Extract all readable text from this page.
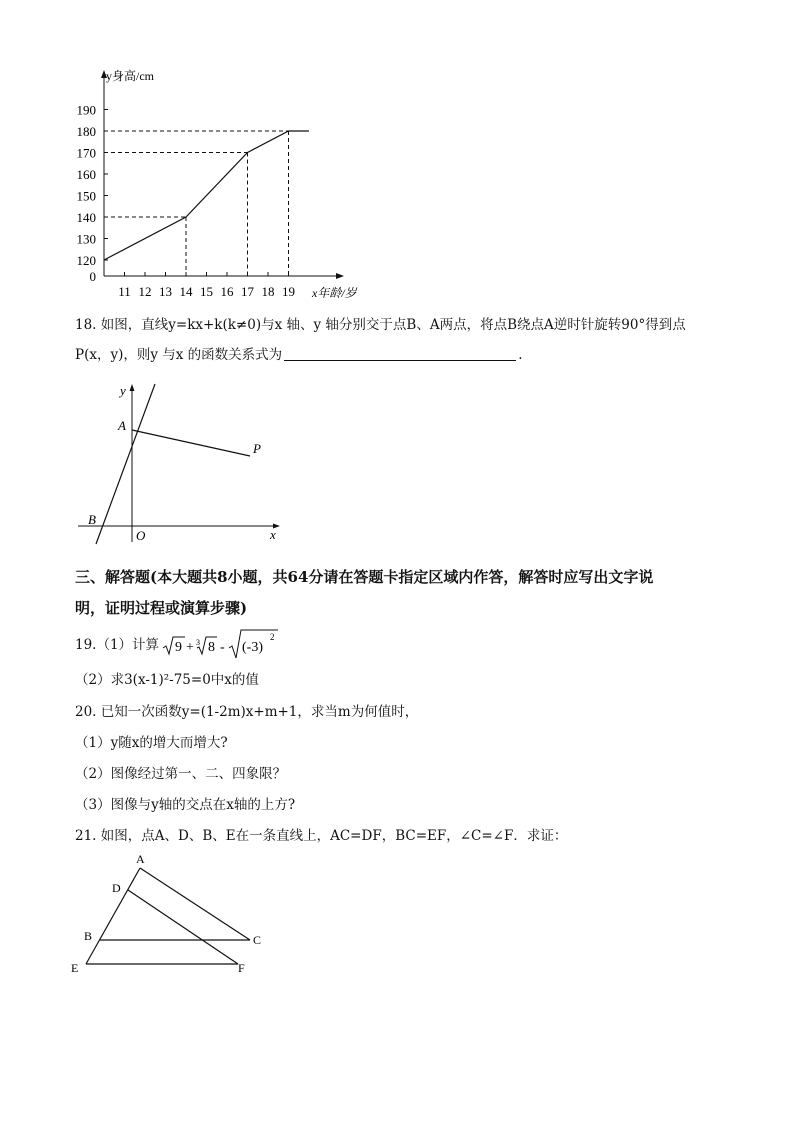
y身高/cm
x年龄/岁
0
120
130
140
150
160
170
180
190
11 12 13 14 15 16 17 18 19
18. 如图，直线y=kx+k(k≠0)与x 轴、y 轴分别交于点B、A两点，将点B绕点A逆时针旋转90°得到点
P(x，y)，则y 与x 的函数关系式为	.
y
x
O
A
B
P
三、解答题(本大题共8小题，共64分请在答题卡指定区域内作答，解答时应写出文字说
明，证明过程或演算步骤)
19.（1）计算 9 + 3 8 - (-3)
2
（2）求3(x-1)²-75=0中x的值
20. 已知一次函数y=(1-2m)x+m+1，求当m为何值时，
（1）y随x的增大而增大?
（2）图像经过第一、二、四象限？
（3）图像与y轴的交点在x轴的上方?
21. 如图，点A、D、B、E在一条直线上，AC=DF，BC=EF，∠C=∠F．求证：
A
D
B	C
E	F
